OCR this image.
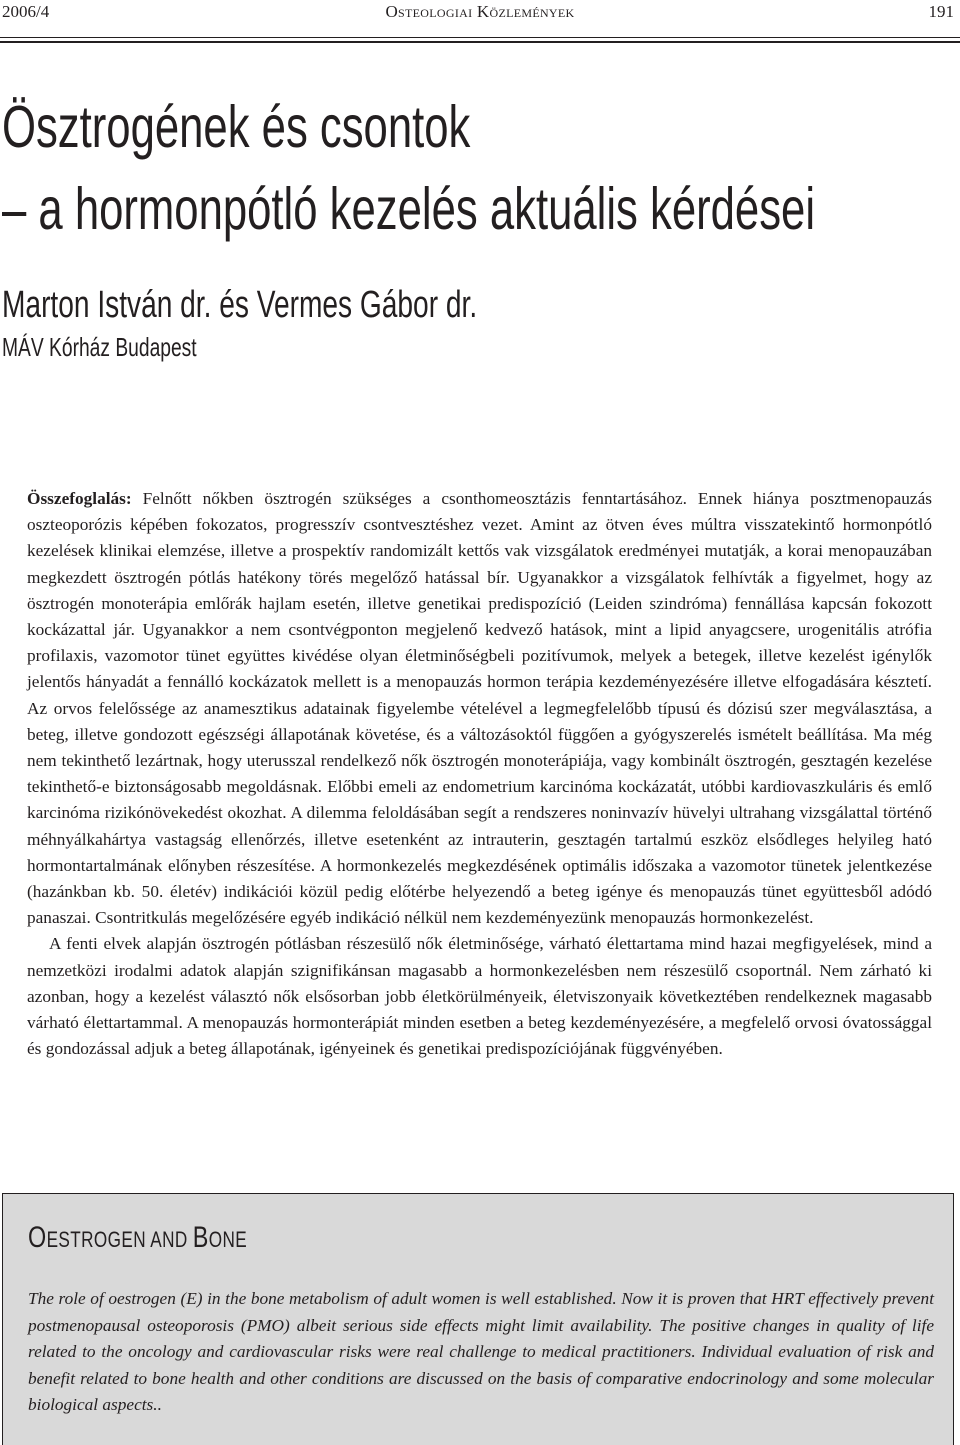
2006/4	Osteologiai Közlemények	191
Ösztrogének és csontok
– a hormonpótló kezelés aktuális kérdései
Marton István dr. és Vermes Gábor dr.
MÁV Kórház Budapest

Összefoglalás: Felnőtt nőkben ösztrogén szükséges a csonthomeosztázis fenntartásához. Ennek hiánya posztmenopauzás oszteoporózis képében fokozatos, progresszív csontvesztéshez vezet. Amint az ötven éves múltra visszatekintő hormonpótló kezelések klinikai elemzése, illetve a prospektív randomizált kettős vak vizsgálatok eredményei mutatják, a korai menopauzában megkezdett ösztrogén pótlás hatékony törés megelőző hatással bír. Ugyanakkor a vizsgálatok felhívták a figyelmet, hogy az ösztrogén monoterápia emlőrák hajlam esetén, illetve genetikai predispozíció (Leiden szindróma) fennállása kapcsán fokozott kockázattal jár. Ugyanakkor a nem csontvégponton megjelenő kedvező hatások, mint a lipid anyagcsere, urogenitális atrófia profilaxis, vazomotor tünet együttes kivédése olyan életminőségbeli pozitívumok, melyek a betegek, illetve kezelést igénylők jelentős hányadát a fennálló kockázatok mellett is a menopauzás hormon terápia kezdeményezésére illetve elfogadására késztetí. Az orvos felelőssége az anamesztikus adatainak figyelembe vételével a legmegfelelőbb típusú és dózisú szer megválasztása, a beteg, illetve gondozott egészségi állapotának követése, és a változásoktól függően a gyógyszerelés ismételt beállítása. Ma még nem tekinthető lezártnak, hogy uterusszal rendelkező nők ösztrogén monoterápiája, vagy kombinált ösztrogén, gesztagén kezelése tekinthető-e biztonságosabb megoldásnak. Előbbi emeli az endometrium karcinóma kockázatát, utóbbi kardiovaszkuláris és emlő karcinóma rizikónövekedést okozhat. A dilemma feloldásában segít a rendszeres noninvazív hüvelyi ultrahang vizsgálattal történő méhnyálkahártya vastagság ellenőrzés, illetve esetenként az intrauterin, gesztagén tartalmú eszköz elsődleges helyileg ható hormontartalmának előnyben részesítése. A hormonkezelés megkezdésének optimális időszaka a vazomotor tünetek jelentkezése (hazánkban kb. 50. életév) indikációi közül pedig előtérbe helyezendő a beteg igénye és menopauzás tünet együttesből adódó panaszai. Csontritkulás megelőzésére egyéb indikáció nélkül nem kezdeményezünk menopauzás hormonkezelést.

A fenti elvek alapján ösztrogén pótlásban részesülő nők életminősége, várható élettartama mind hazai megfigyelések, mind a nemzetközi irodalmi adatok alapján szignifikánsan magasabb a hormonkezelésben nem részesülő csoportnál. Nem zárható ki azonban, hogy a kezelést választó nők elsősorban jobb életkörülményeik, életviszonyaik következtében rendelkeznek magasabb várható élettartammal. A menopauzás hormonterápiát minden esetben a beteg kezdeményezésére, a megfelelő orvosi óvatossággal és gondozással adjuk a beteg állapotának, igényeinek és genetikai predispozíciójának függvényében.

OESTROGEN AND BONE
The role of oestrogen (E) in the bone metabolism of adult women is well established. Now it is proven that HRT effectively prevent postmenopausal osteoporosis (PMO) albeit serious side effects might limit availability. The positive changes in quality of life related to the oncology and cardiovascular risks were real challenge to medical practitioners. Individual evaluation of risk and benefit related to bone health and other conditions are discussed on the basis of comparative endocrinology and some molecular biological aspects..
